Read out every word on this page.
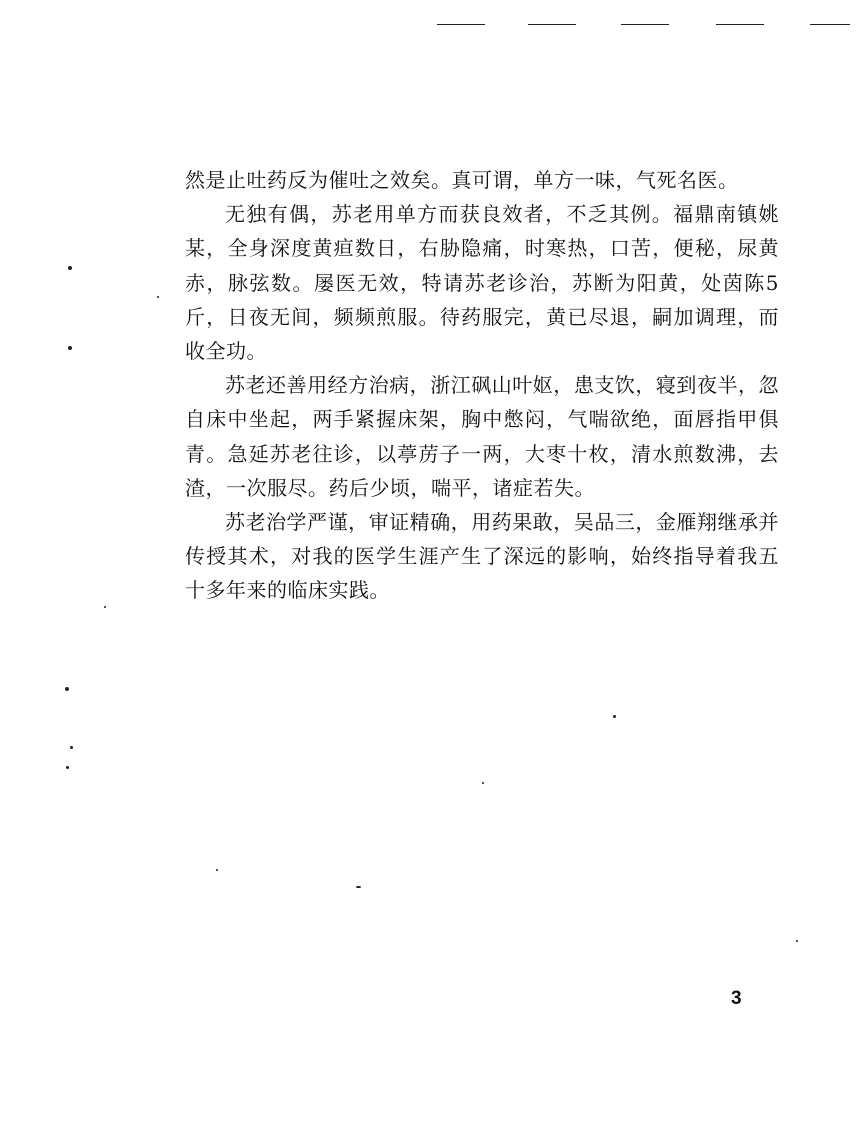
然是止吐药反为催吐之效矣。真可谓，单方一味，气死名医。

无独有偶，苏老用单方而获良效者，不乏其例。福鼎南镇姚某，全身深度黄疸数日，右胁隐痛，时寒热，口苦，便秘，尿黄赤，脉弦数。屡医无效，特请苏老诊治，苏断为阳黄，处茵陈5斤，日夜无间，频频煎服。待药服完，黄已尽退，嗣加调理，而收全功。

苏老还善用经方治病，浙江砜山叶妪，患支饮，寝到夜半，忽自床中坐起，两手紧握床架，胸中憋闷，气喘欲绝，面唇指甲俱青。急延苏老往诊，以葶苈子一两，大枣十枚，清水煎数沸，去渣，一次服尽。药后少顷，喘平，诸症若失。

苏老治学严谨，审证精确，用药果敢，吴品三，金雁翔继承并传授其术，对我的医学生涯产生了深远的影响，始终指导着我五十多年来的临床实践。

3
